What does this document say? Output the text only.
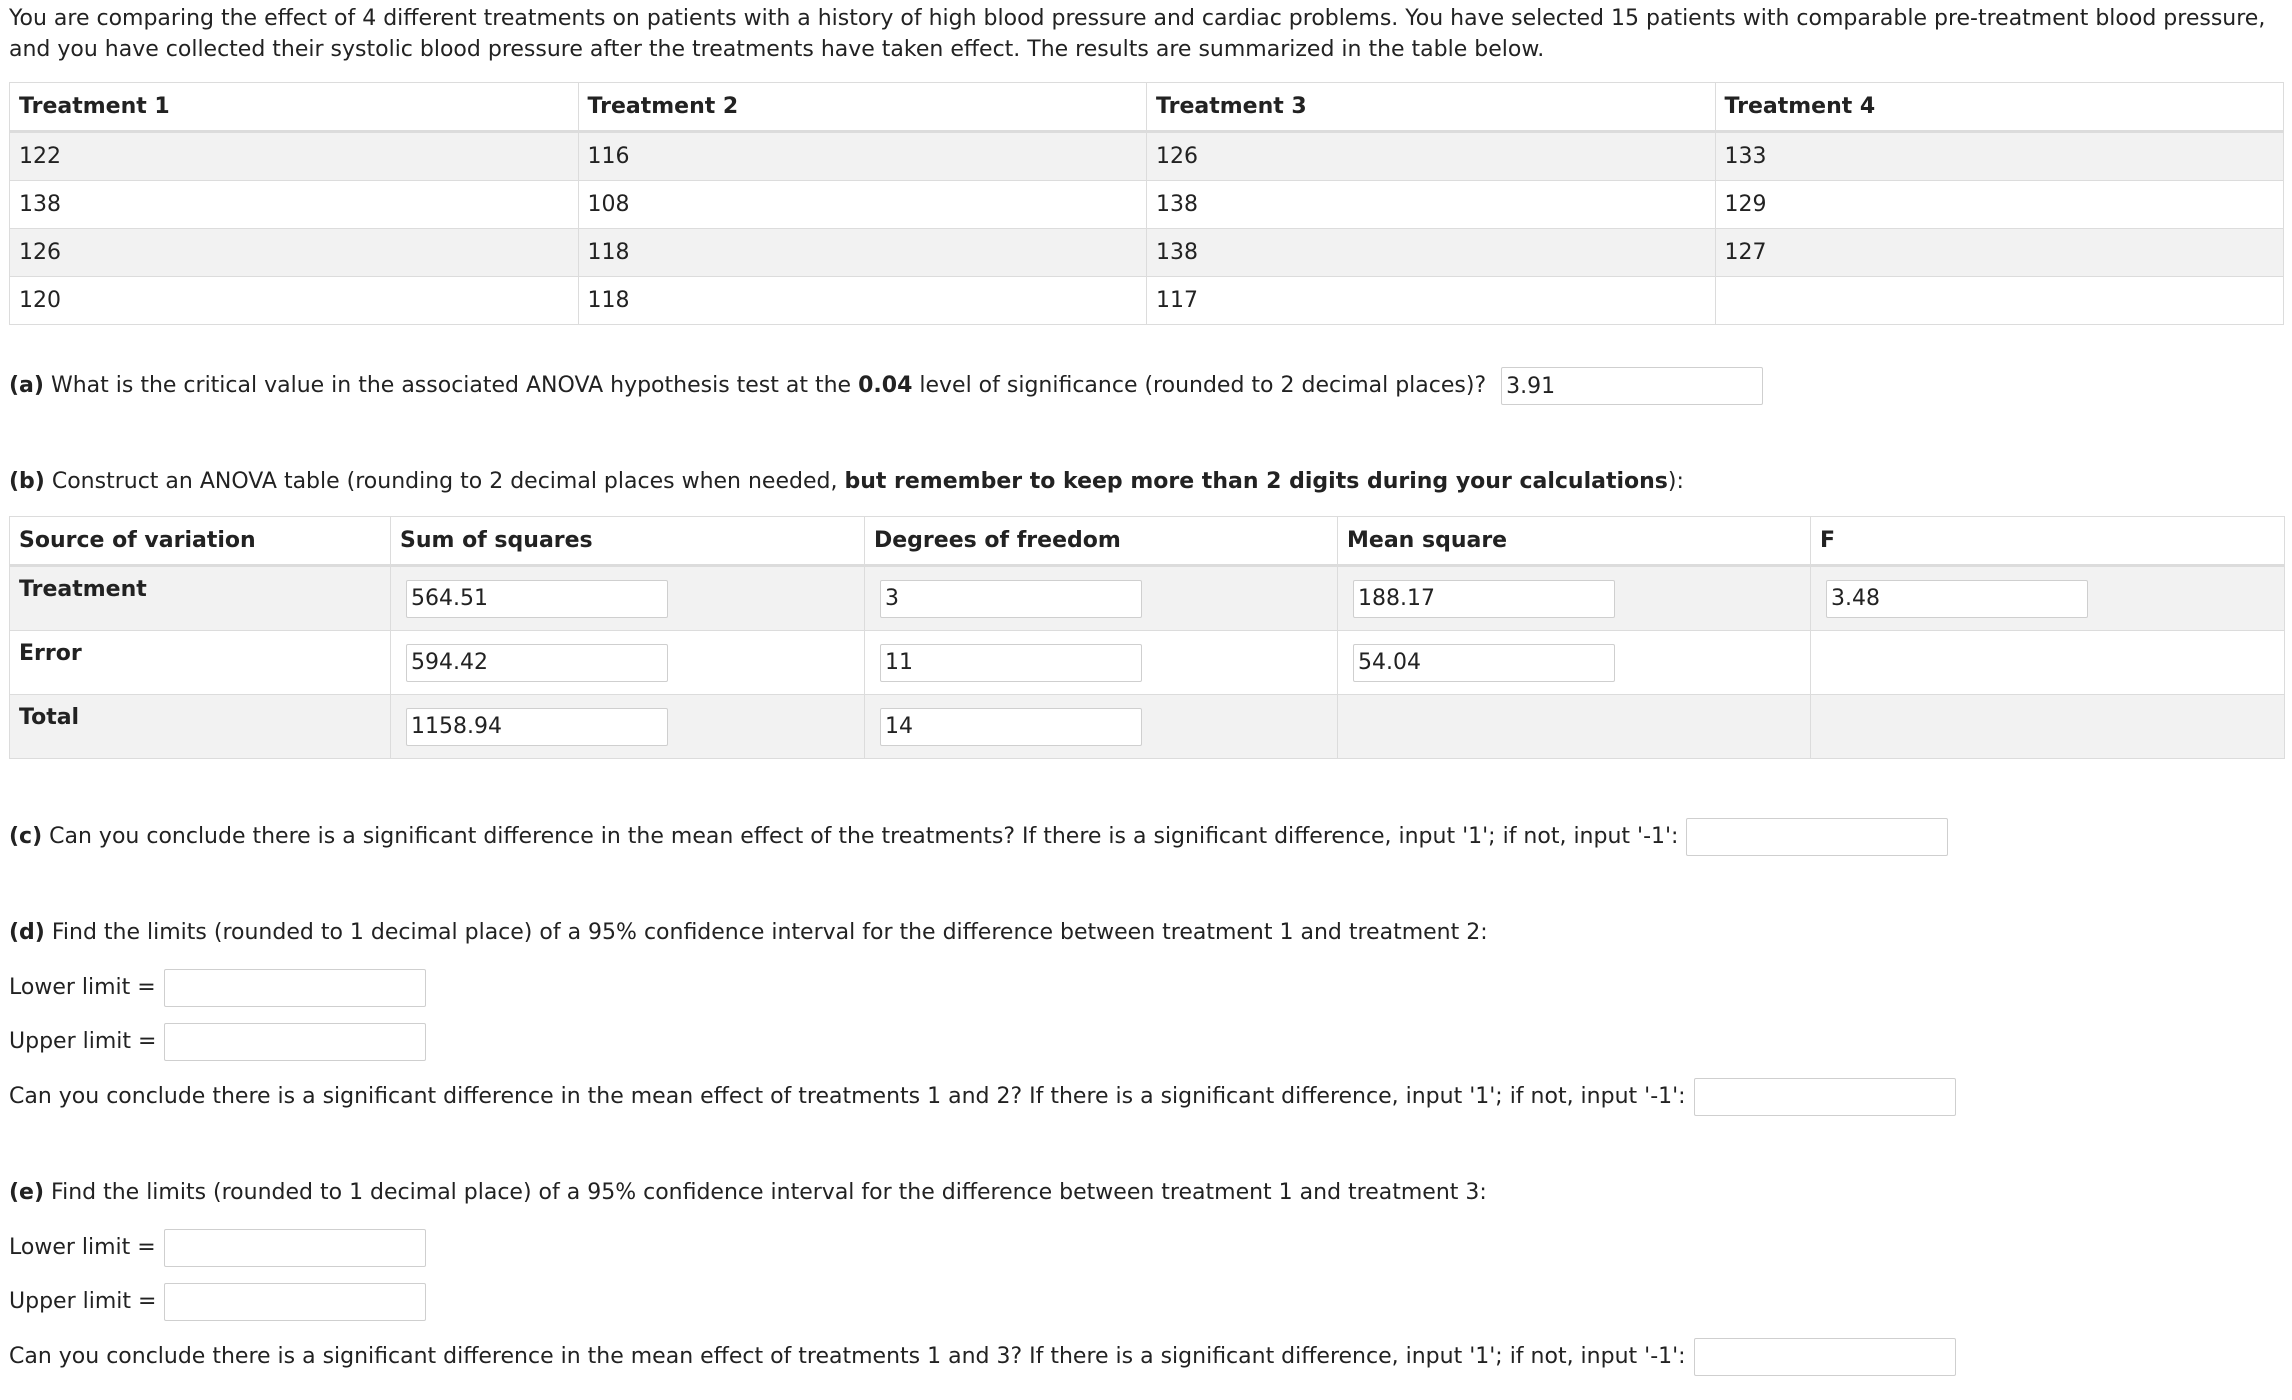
You are comparing the effect of 4 different treatments on patients with a history of high blood pressure and cardiac problems. You have selected 15 patients with comparable pre-treatment blood pressure, and you have collected their systolic blood pressure after the treatments have taken effect. The results are summarized in the table below.
Treatment 1	Treatment 2	Treatment 3	Treatment 4
122	116	126	133
138	108	138	129
126	118	138	127
120	118	117	
(a) What is the critical value in the associated ANOVA hypothesis test at the 0.04 level of significance (rounded to 2 decimal places)? 3.91
(b) Construct an ANOVA table (rounding to 2 decimal places when needed, but remember to keep more than 2 digits during your calculations):
Source of variation	Sum of squares	Degrees of freedom	Mean square	F
Treatment	564.51	3	188.17	3.48
Error	594.42	11	54.04	
Total	1158.94	14		
(c) Can you conclude there is a significant difference in the mean effect of the treatments? If there is a significant difference, input '1'; if not, input '-1':
(d) Find the limits (rounded to 1 decimal place) of a 95% confidence interval for the difference between treatment 1 and treatment 2:
Lower limit =
Upper limit =
Can you conclude there is a significant difference in the mean effect of treatments 1 and 2? If there is a significant difference, input '1'; if not, input '-1':
(e) Find the limits (rounded to 1 decimal place) of a 95% confidence interval for the difference between treatment 1 and treatment 3:
Lower limit =
Upper limit =
Can you conclude there is a significant difference in the mean effect of treatments 1 and 3? If there is a significant difference, input '1'; if not, input '-1':
